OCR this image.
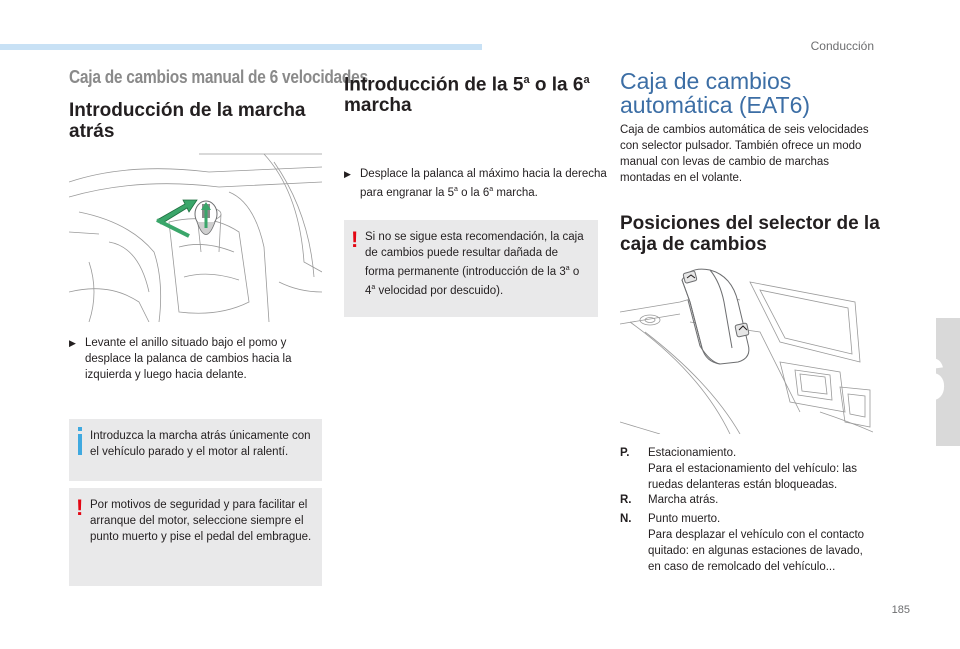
Conducción
6
185
Caja de cambios manual de 6 velocidades
Introducción de la marcha atrás
▶ Levante el anillo situado bajo el pomo y desplace la palanca de cambios hacia la izquierda y luego hacia delante.
Introduzca la marcha atrás únicamente con el vehículo parado y el motor al ralentí.
! Por motivos de seguridad y para facilitar el arranque del motor, seleccione siempre el punto muerto y pise el pedal del embrague.
Introducción de la 5$^a$ o la 6$^a$
marcha
▶ Desplace la palanca al máximo hacia la derecha para engranar la 5$^a$ o la 6$^a$ marcha.
! Si no se sigue esta recomendación, la caja de cambios puede resultar dañada de forma permanente (introducción de la 3$^a$ o 4$^a$ velocidad por descuido).
Caja de cambios automática (EAT6)

Caja de cambios automática de seis velocidades con selector pulsador. También ofrece un modo manual con levas de cambio de marchas montadas en el volante.

Posiciones del selector de la caja de cambios
P. Estacionamiento.
Para el estacionamiento del vehículo: las ruedas delanteras están bloqueadas.
R. Marcha atrás.
N. Punto muerto.
Para desplazar el vehículo con el contacto quitado: en algunas estaciones de lavado, en caso de remolcado del vehículo...
